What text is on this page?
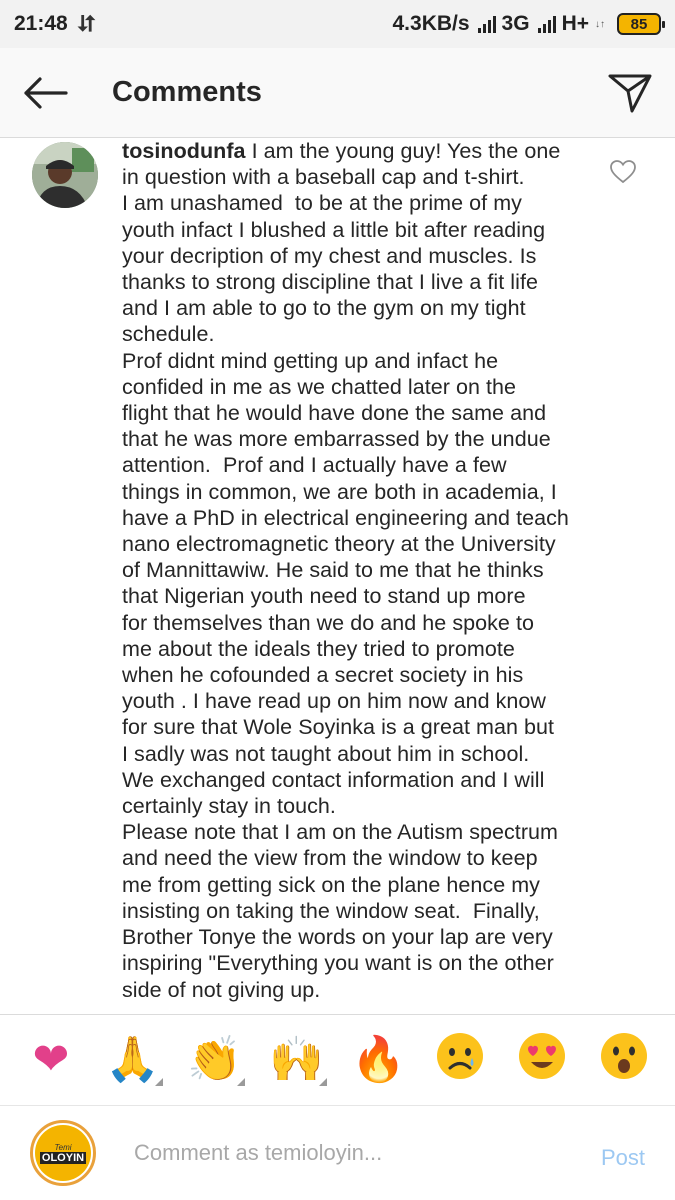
21:48 ⮃	4.3KB/s 3G H+ ↓↑ 85
Comments
tosinodunfa I am the young guy! Yes the one
in question with a baseball cap and t-shirt.
I am unashamed  to be at the prime of my
youth infact I blushed a little bit after reading
your decription of my chest and muscles. Is
thanks to strong discipline that I live a fit life
and I am able to go to the gym on my tight
schedule.
Prof didnt mind getting up and infact he
confided in me as we chatted later on the
flight that he would have done the same and
that he was more embarrassed by the undue
attention.  Prof and I actually have a few
things in common, we are both in academia, I
have a PhD in electrical engineering and teach
nano electromagnetic theory at the University
of Mannittawiw. He said to me that he thinks
that Nigerian youth need to stand up more
for themselves than we do and he spoke to
me about the ideals they tried to promote
when he cofounded a secret society in his
youth . I have read up on him now and know
for sure that Wole Soyinka is a great man but
I sadly was not taught about him in school.
We exchanged contact information and I will
certainly stay in touch.
Please note that I am on the Autism spectrum
and need the view from the window to keep
me from getting sick on the plane hence my
insisting on taking the window seat.  Finally,
Brother Tonye the words on your lap are very
inspiring "Everything you want is on the other
side of not giving up.
❤ 🙏 👏 🙌 🔥
Temi
OLOYIN
Comment as temioloyin...	Post
